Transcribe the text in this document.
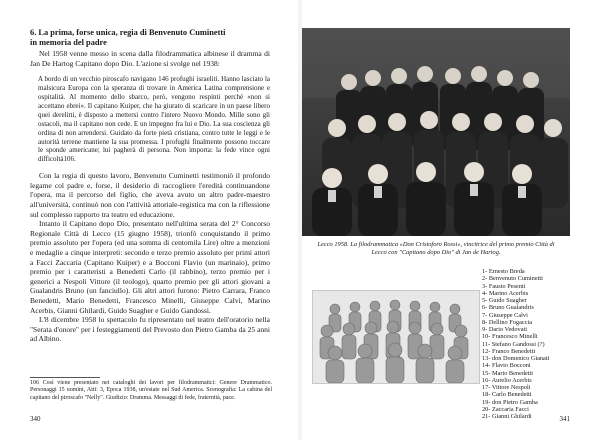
6. La prima, forse unica, regia di Benvenuto Cuminetti
in memoria del padre

Nel 1958 venne messo in scena dalla filodrammatica albinese il dramma di Jan De Hartog Capitano dopo Dio. L'azione si svolge nel 1938:

A bordo di un vecchio piroscafo navigano 146 profughi israeliti. Hanno lasciato la malsicura Europa con la speranza di trovare in America Latina comprensione e ospitalità. Al momento dello sbarco, però, vengono respinti perché «non si accettano ebrei». Il capitano Kuiper, che ha giurato di scaricare in un paese libero quei derelitti, è disposto a mettersi contro l'intero Nuovo Mondo. Mille sono gli ostacoli, ma il capitano non cede. E un impegno fra lui e Dio. La sua coscienza gli ordina di non arrendersi. Guidato da forte pietà cristiana, contro tutte le leggi e le autorità terrene mantiene la sua promessa. I profughi finalmente possono toccare le sponde americane; lui pagherà di persona. Non importa: la fede vince ogni difficoltà106.

Con la regia di questo lavoro, Benvenuto Cuminetti testimoniò il profondo legame col padre e, forse, il desiderio di raccogliere l'eredità continuandone l'opera, ma il percorso del figlio, che aveva avuto un altro padre-maestro all'università, continuò non con l'attività attoriale-registica ma con la riflessione sul complesso rapporto tra teatro ed educazione.

Intanto il Capitano dopo Dio, presentato nell'ultima serata del 2° Concorso Regionale Città di Lecco (15 giugno 1958), trionfò conquistando il primo premio assoluto per l'opera (ed una somma di centomila Lire) oltre a menzioni e medaglie a cinque interpreti: secondo e terzo premio assoluto per primi attori a Facci Zaccaria (Capitano Kuiper) e a Bocconi Flavio (un marinaio), primo premio per i caratteristi a Benedetti Carlo (il rabbino), terzo premio per i generici a Nespoli Vittore (il teologo), quarto premio per gli attori giovani a Gualandris Bruno (un fanciullo). Gli altri attori furono: Pietro Carrara, Franco Benedetti, Mario Benedetti, Francesco Minelli, Giuseppe Calvi, Marino Acerbis, Gianni Ghilardi, Guido Suagher e Guido Gandossi.

L'8 dicembre 1958 lo spettacolo fu ripresentato nel teatro dell'oratorio nella "Serata d'onore" per i festeggiamenti del Prevosto don Pietro Gamba da 25 anni ad Albino.

106 Così viene presentato nei cataloghi dei lavori per filodrammatici: Genere Drammatico. Personaggi 15 uomini, Atti: 3, Epoca 1938, un'estate nel Sud America. Scenografia: La cabina del capitano del piroscafo "Nelly". Giudizio: Dramma. Messaggi di fede, fraternità, pace.
340
Lecco 1958. La filodrammatica «Don Cristoforo Rossi», vincitrice del primo premio Città di Lecco con "Capitano dopo Dio" di Jan de Hartog.
1- Ernesto Breda
2- Benvenuto Cuminetti
3- Fausto Pesenti
4- Marino Acerbis
5- Guido Suagher
6- Bruno Gualandris
7- Giuseppe Calvi
8- Dellino Fogaccia
9- Dario Vedovati
10- Francesco Minelli
11- Stefano Gandossi (?)
12- Franco Benedetti
13- don Domenico Gianati
14- Flavio Bocconi
15- Mario Benedetti
16- Aurelio Acerbis
17- Vittore Nespoli
18- Carlo Benedetti
19- don Pietro Gamba
20- Zaccaria Facci
21- Gianni Ghilardi	341
